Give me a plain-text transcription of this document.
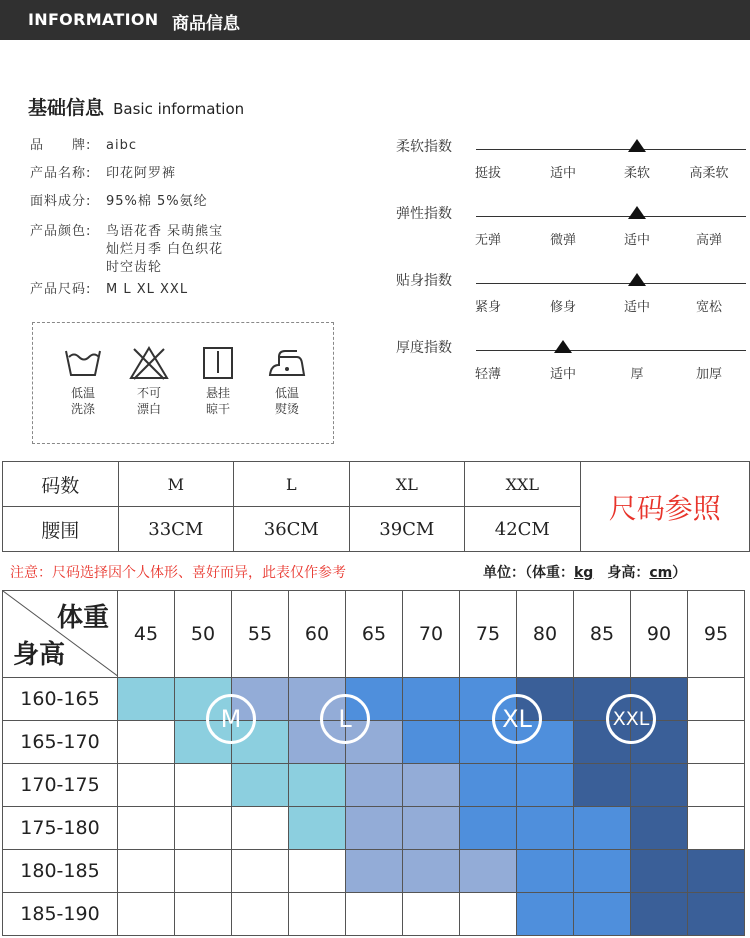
INFORMATION 商品信息
基础信息 Basic information
品　　牌: aibc
产品名称: 印花阿罗裤
面料成分: 95%棉 5%氨纶
产品颜色: 鸟语花香 呆萌熊宝
灿烂月季 白色织花
时空齿轮
产品尺码: M L XL XXL
低温
洗涤
不可
漂白
悬挂
晾干
低温
熨烫
柔软指数
挺拔	适中	柔软	高柔软
弹性指数
无弹	微弹	适中	高弹
贴身指数
紧身	修身	适中	宽松
厚度指数
轻薄	适中	厚	加厚
码数	M	L	XL	XXL	尺码参照
腰围	33CM	36CM	39CM	42CM	
注意：尺码选择因个人体形、喜好而异，此表仅作参考	单位：（体重：kg　 身高：cm）
体重
身高	45	50	55	60	65	70	75	80	85	90	95
160-165											
165-170											
170-175											
175-180											
180-185											
185-190											
M	L	XL	XXL
